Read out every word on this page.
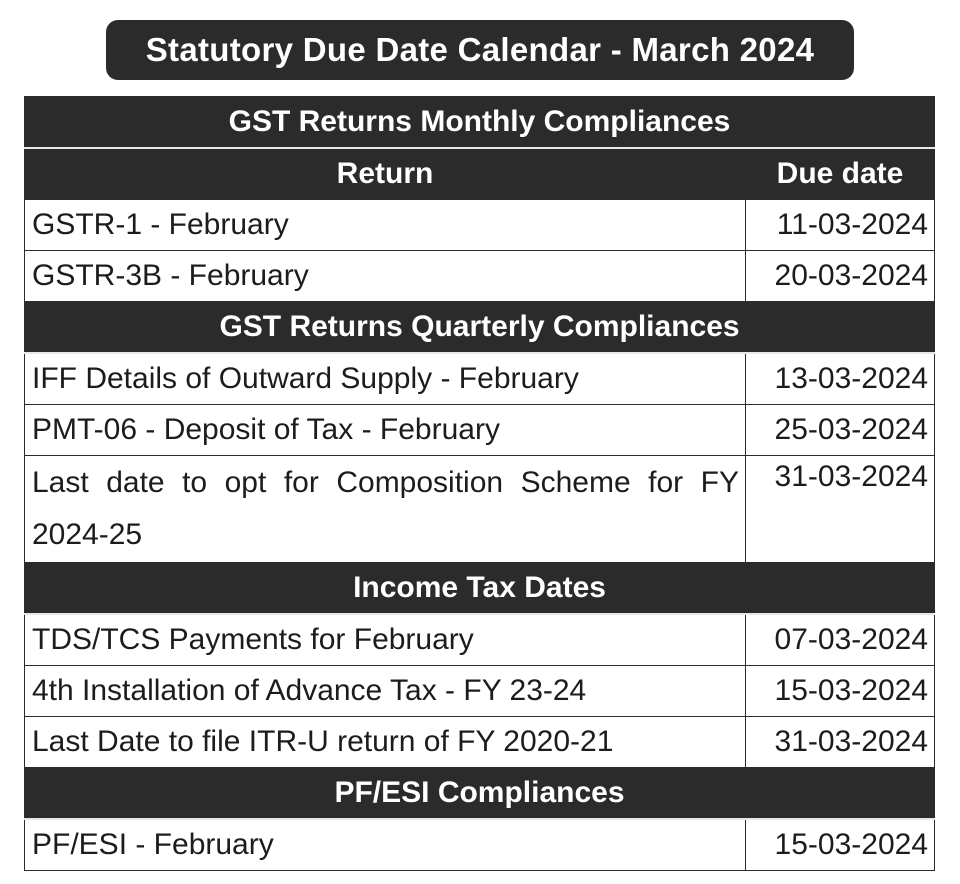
Statutory Due Date Calendar - March 2024
GST Returns Monthly Compliances	
Return	Due date
GSTR-1 - February	11-03-2024
GSTR-3B - February	20-03-2024
GST Returns Quarterly Compliances	
IFF Details of Outward Supply - February	13-03-2024
PMT-06 - Deposit of Tax - February	25-03-2024
Last date to opt for Composition Scheme for FY 2024-25	31-03-2024
Income Tax Dates	
TDS/TCS Payments for February	07-03-2024
4th Installation of Advance Tax - FY 23-24	15-03-2024
Last Date to file ITR-U return of FY 2020-21	31-03-2024
PF/ESI Compliances	
PF/ESI - February	15-03-2024
